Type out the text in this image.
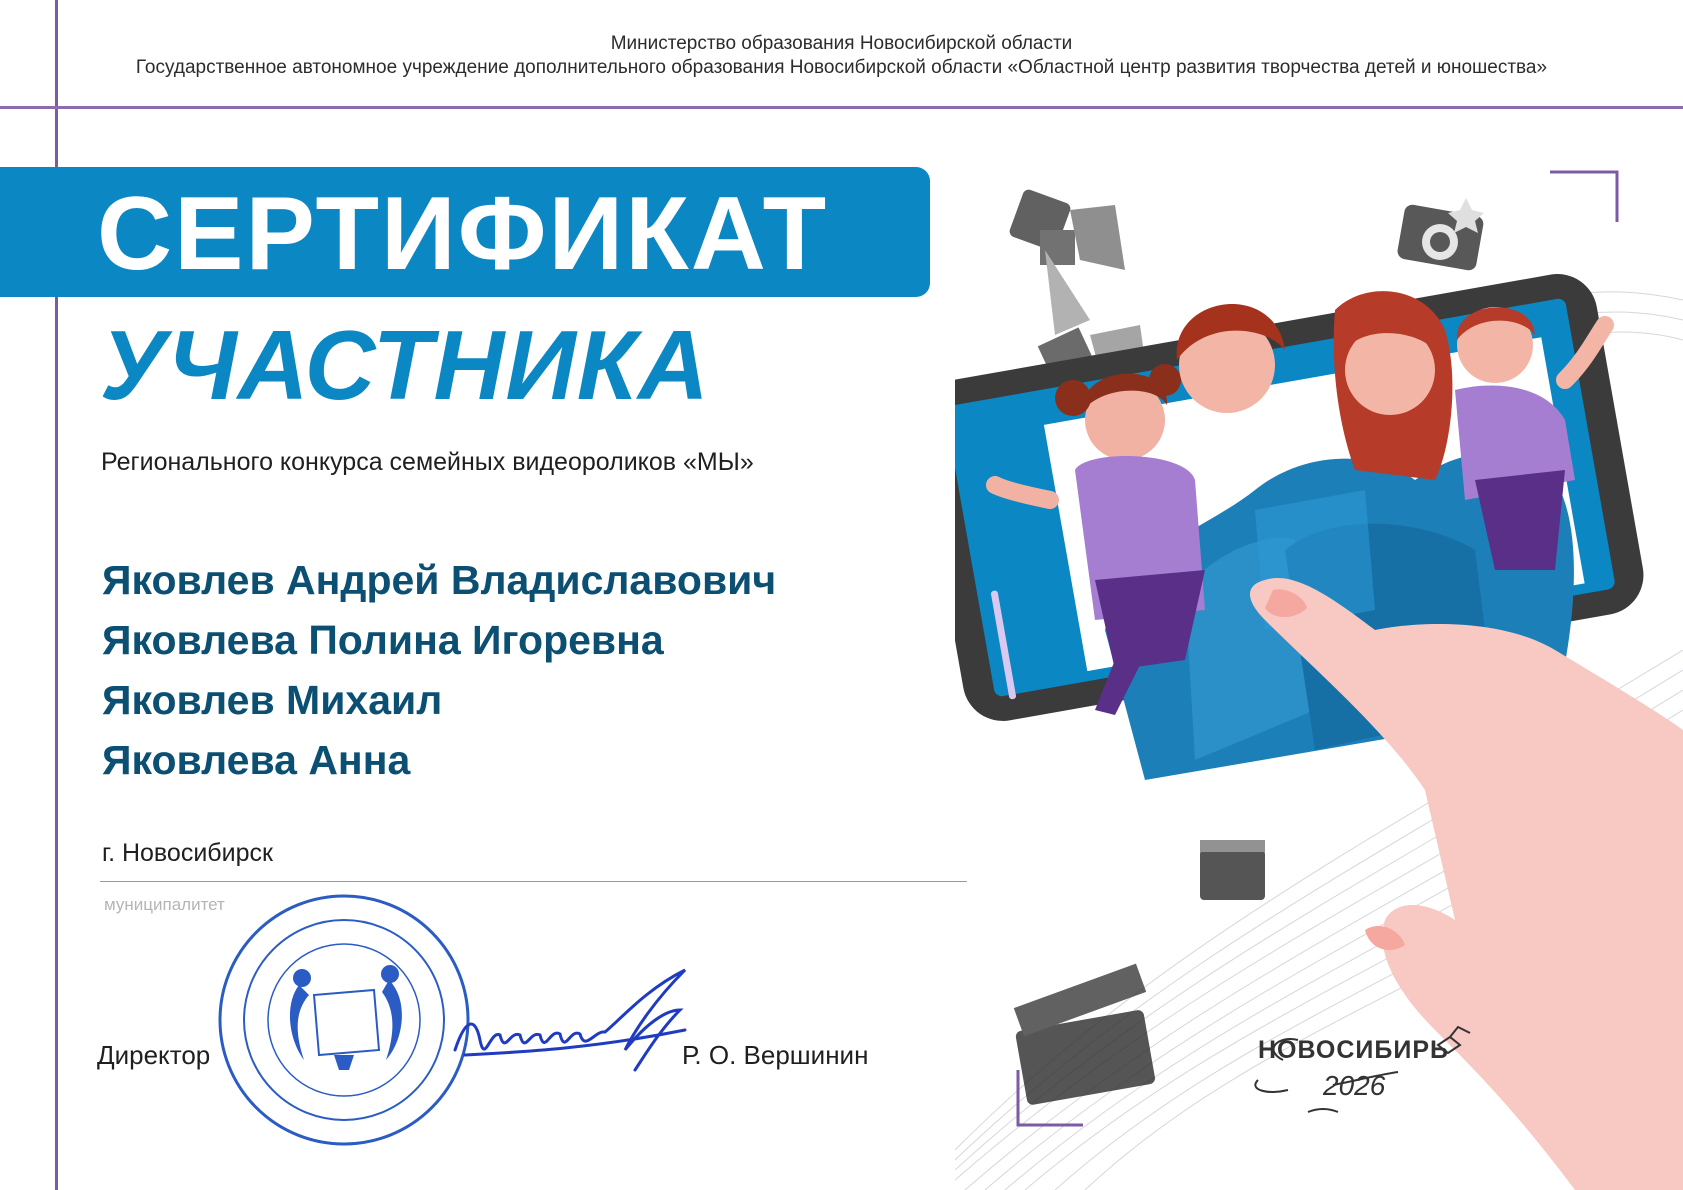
Министерство образования Новосибирской области
Государственное автономное учреждение дополнительного образования Новосибирской области «Областной центр развития творчества детей и юношества»
СЕРТИФИКАТ
УЧАСТНИКА
Регионального конкурса семейных видеороликов «МЫ»
Яковлев Андрей Владиславович
Яковлева Полина Игоревна
Яковлев Михаил
Яковлева Анна
г. Новосибирск
муниципалитет
Директор	Р. О. Вершинин	НОВОСИБИРЬ
2026
